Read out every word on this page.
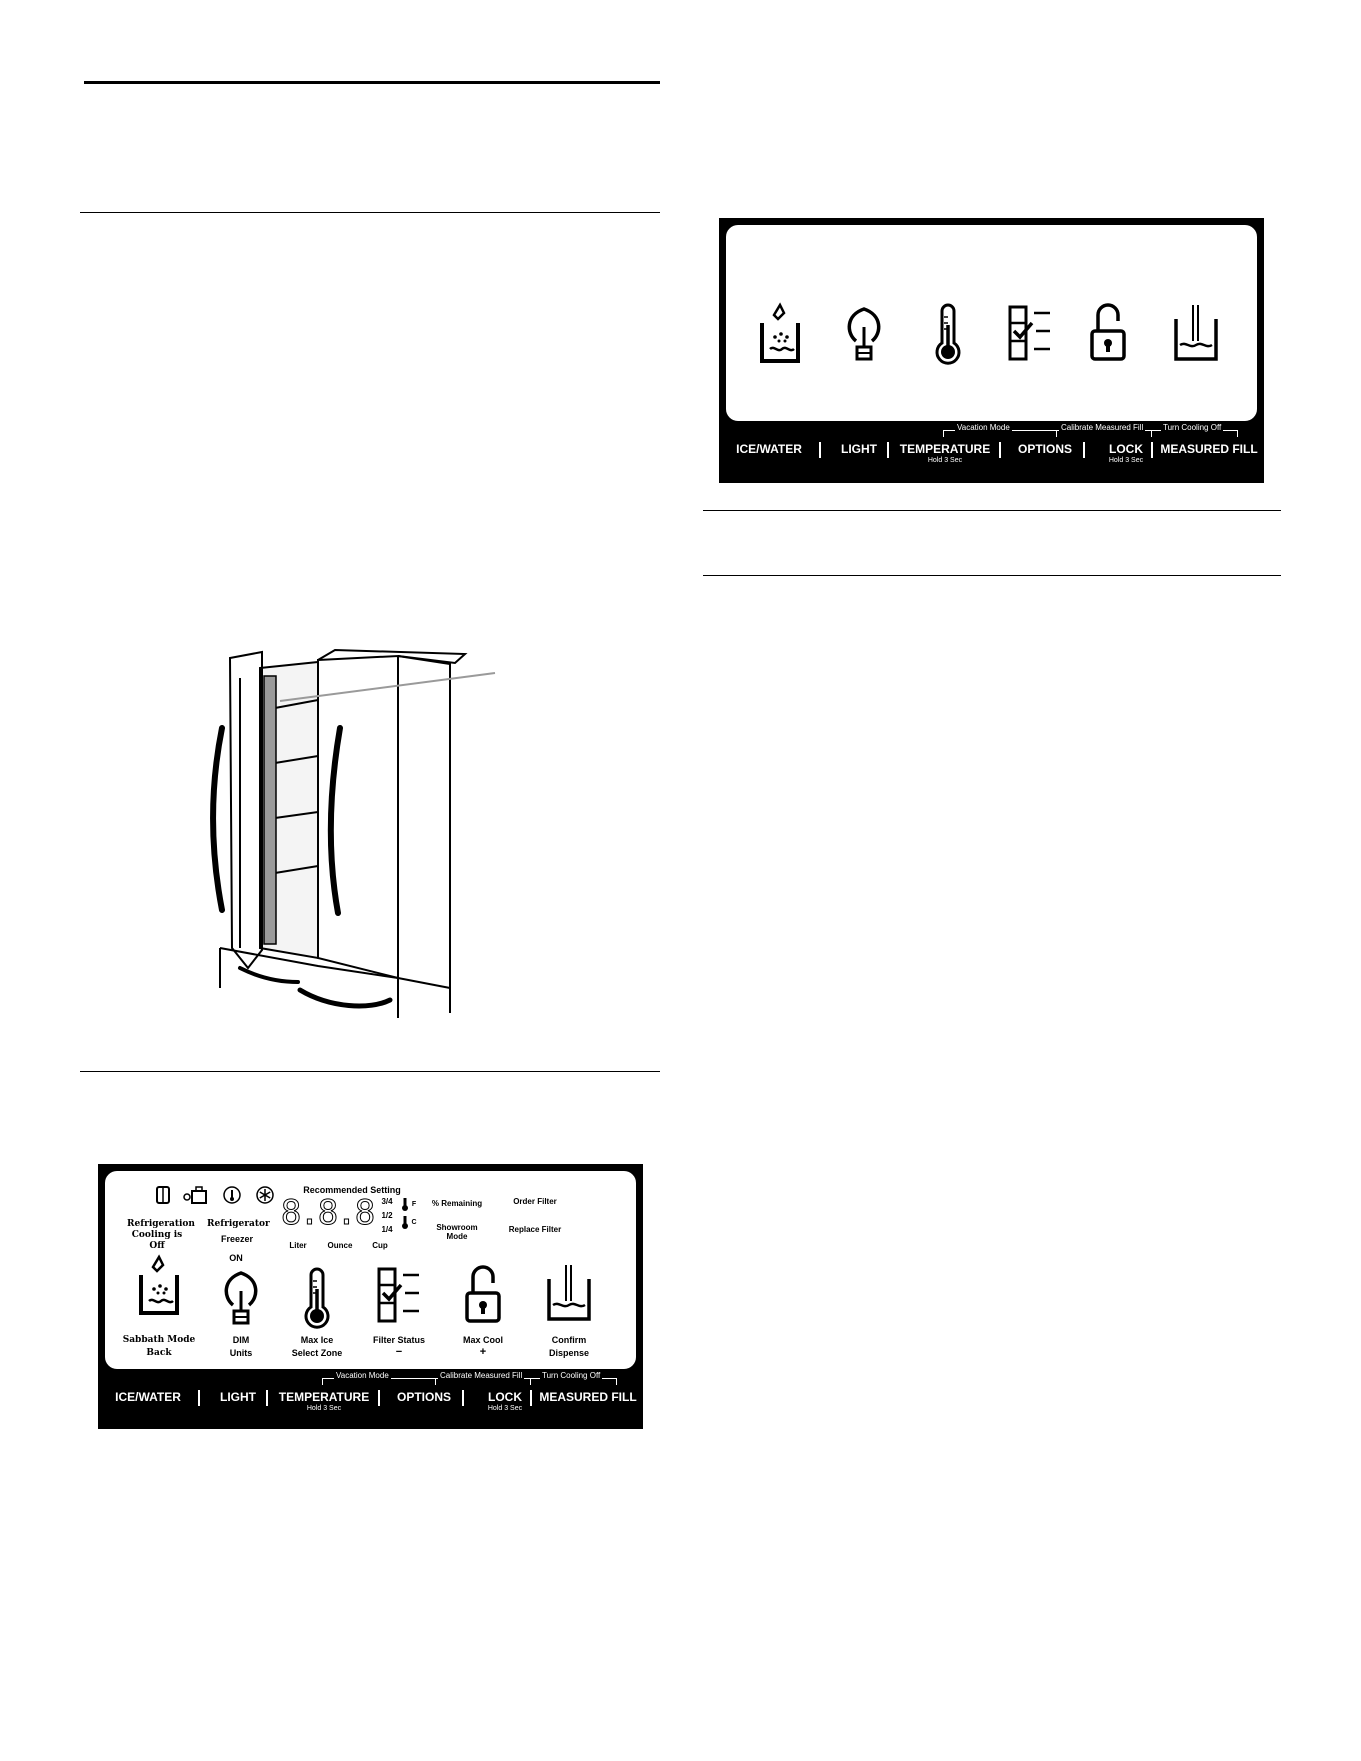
Vacation Mode	Calibrate Measured Fill Turn Cooling Off
ICE/WATER	LIGHT	TEMPERATURE
Hold 3 Sec
OPTIONS	LOCK
Hold 3 Sec
MEASURED FILL
Refrigeration Cooling is Off
Refrigerator
Freezer
ON
Recommended Setting
8.8.8	3/4
1/2
1/4
F
C
Liter	Ounce	Cup
% Remaining
Showroom Mode
Order Filter
Replace Filter
Sabbath Mode
Back
DIM
Units
Max Ice
Select Zone
Filter Status
−
Max Cool
+
Confirm
Dispense
Vacation Mode	Calibrate Measured Fill Turn Cooling Off
ICE/WATER	LIGHT	TEMPERATURE
Hold 3 Sec
OPTIONS	LOCK
Hold 3 Sec
MEASURED FILL
